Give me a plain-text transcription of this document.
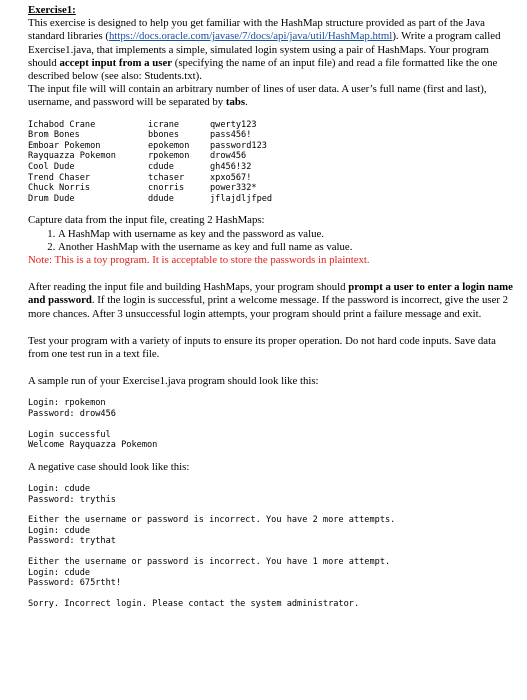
Exercise1:

This exercise is designed to help you get familiar with the HashMap structure provided as part of the Java standard libraries (https://docs.oracle.com/javase/7/docs/api/java/util/HashMap.html). Write a program called Exercise1.java, that implements a simple, simulated login system using a pair of HashMaps. Your program should accept input from a user (specifying the name of an input file) and read a file formatted like the one described below (see also: Students.txt).

The input file will will contain an arbitrary number of lines of user data. A user’s full name (first and last), username, and password will be separated by tabs.

Ichabod Crane	icrane	qwerty123
Brom Bones	bbones	pass456!
Emboar Pokemon	epokemon	password123
Rayquazza Pokemon	rpokemon	drow456
Cool Dude	cdude	gh456!32
Trend Chaser	tchaser	xpxo567!
Chuck Norris	cnorris	power332*
Drum Dude	ddude	jflajdljfped

Capture data from the input file, creating 2 HashMaps:

1. A HashMap with username as key and the password as value.
2. Another HashMap with the username as key and full name as value.

Note: This is a toy program. It is acceptable to store the passwords in plaintext.

After reading the input file and building HashMaps, your program should prompt a user to enter a login name and password. If the login is successful, print a welcome message. If the password is incorrect, give the user 2 more chances. After 3 unsuccessful login attempts, your program should print a failure message and exit.

Test your program with a variety of inputs to ensure its proper operation. Do not hard code inputs. Save data from one test run in a text file.

A sample run of your Exercise1.java program should look like this:

Login: rpokemon

Password: drow456

Login successful

Welcome Rayquazza Pokemon

A negative case should look like this:

Login: cdude

Password: trythis

Either the username or password is incorrect. You have 2 more attempts.

Login: cdude

Password: trythat

Either the username or password is incorrect. You have 1 more attempt.

Login: cdude

Password: 675rtht!

Sorry. Incorrect login. Please contact the system administrator.
